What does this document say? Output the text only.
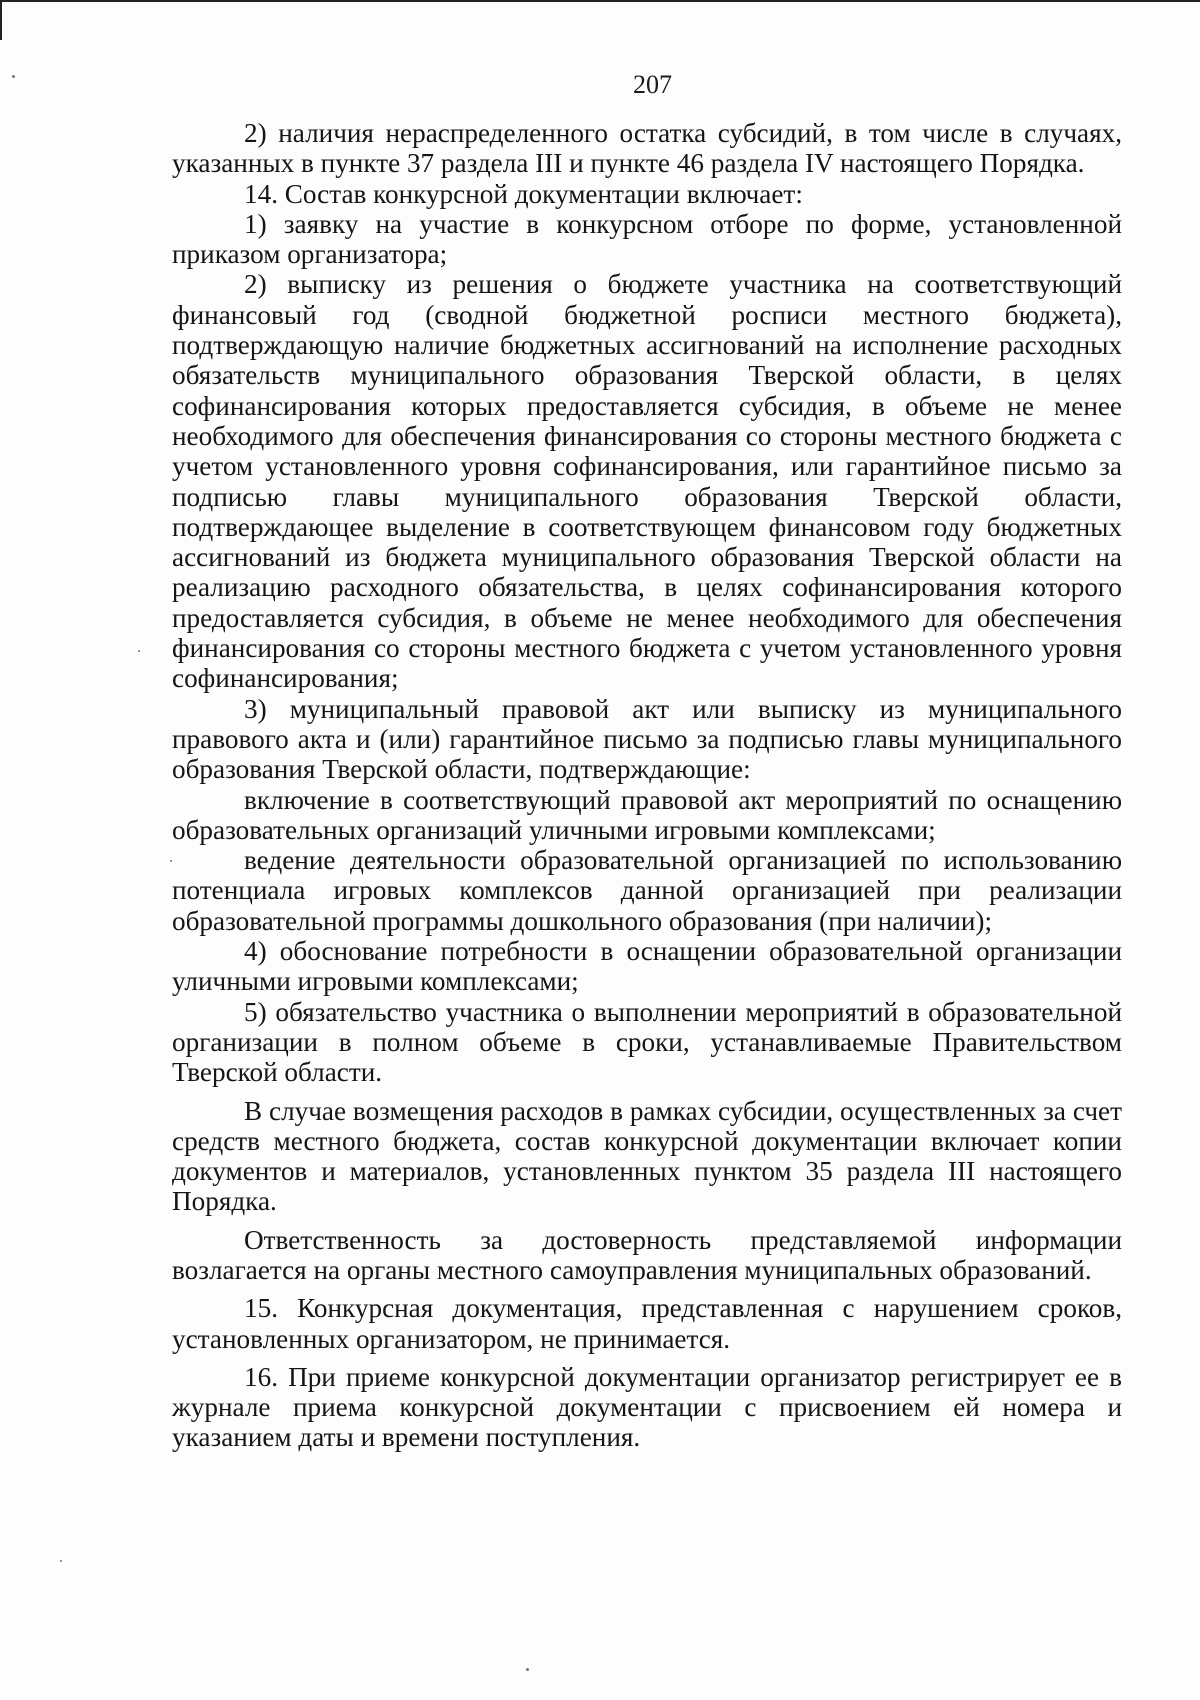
207

2) наличия нераспределенного остатка субсидий, в том числе в случаях, указанных в пункте 37 раздела III и пункте 46 раздела IV настоящего Порядка.

14. Состав конкурсной документации включает:

1) заявку на участие в конкурсном отборе по форме, установленной приказом организатора;

2) выписку из решения о бюджете участника на соответствующий финансовый год (сводной бюджетной росписи местного бюджета), подтверждающую наличие бюджетных ассигнований на исполнение расходных обязательств муниципального образования Тверской области, в целях софинансирования которых предоставляется субсидия, в объеме не менее необходимого для обеспечения финансирования со стороны местного бюджета с учетом установленного уровня софинансирования, или гарантийное письмо за подписью главы муниципального образования Тверской области, подтверждающее выделение в соответствующем финансовом году бюджетных ассигнований из бюджета муниципального образования Тверской области на реализацию расходного обязательства, в целях софинансирования которого предоставляется субсидия, в объеме не менее необходимого для обеспечения финансирования со стороны местного бюджета с учетом установленного уровня софинансирования;

3) муниципальный правовой акт или выписку из муниципального правового акта и (или) гарантийное письмо за подписью главы муниципального образования Тверской области, подтверждающие:

включение в соответствующий правовой акт мероприятий по оснащению образовательных организаций уличными игровыми комплексами;

ведение деятельности образовательной организацией по использованию потенциала игровых комплексов данной организацией при реализации образовательной программы дошкольного образования (при наличии);

4) обоснование потребности в оснащении образовательной организации уличными игровыми комплексами;

5) обязательство участника о выполнении мероприятий в образовательной организации в полном объеме в сроки, устанавливаемые Правительством Тверской области.

В случае возмещения расходов в рамках субсидии, осуществленных за счет средств местного бюджета, состав конкурсной документации включает копии документов и материалов, установленных пунктом 35 раздела III настоящего Порядка.

Ответственность за достоверность представляемой информации возлагается на органы местного самоуправления муниципальных образований.

15. Конкурсная документация, представленная с нарушением сроков, установленных организатором, не принимается.

16. При приеме конкурсной документации организатор регистрирует ее в журнале приема конкурсной документации с присвоением ей номера и указанием даты и времени поступления.
